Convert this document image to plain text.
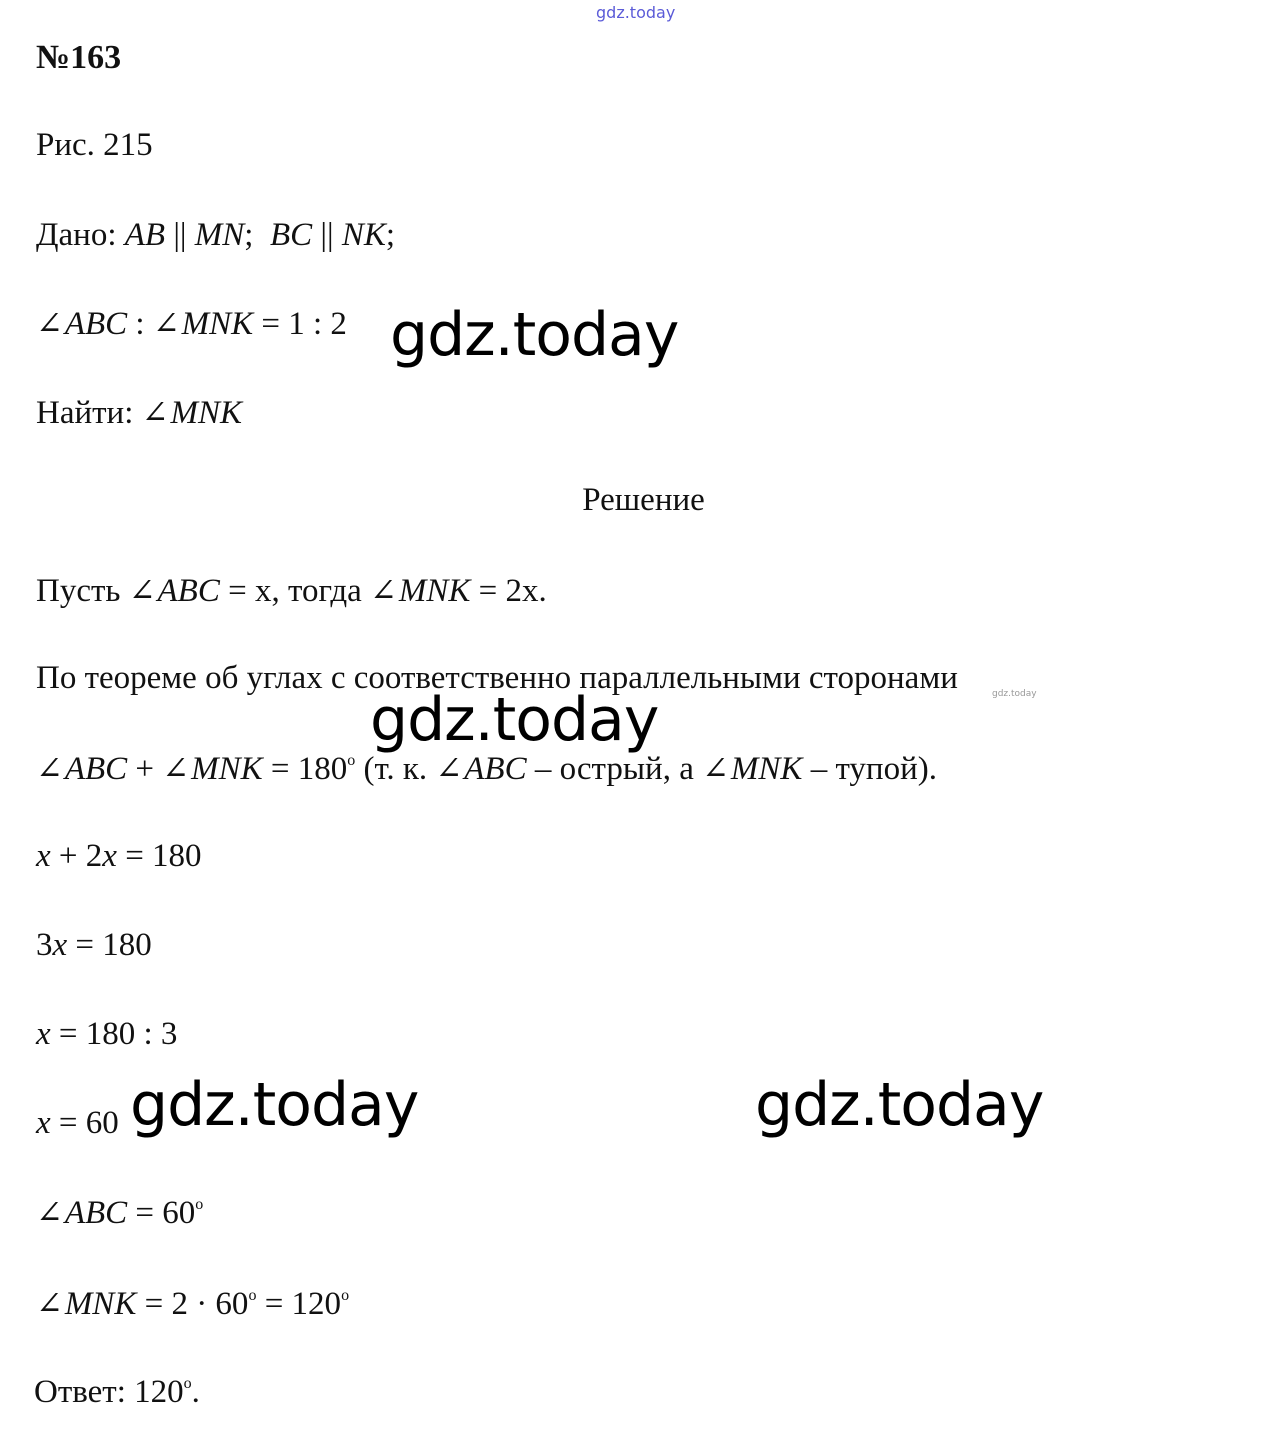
gdz.today
№163
Рис. 215
Дано: AB || MN; BC || NK;
∠ABC : ∠MNK = 1 : 2 gdz.today
Найти: ∠MNK
Решение
Пусть ∠ABC = x, тогда ∠MNK = 2x.
По теореме об углах с соответственно параллельными сторонами	gdz.today
gdz.today
∠ABC + ∠MNK = $180^o$ (т. к. ∠ABC – острый, а ∠MNK – тупой).
x + 2x = 180
3x = 180
x = 180 : 3
x = 60 gdz.today	gdz.today
∠ABC = $60^o$
∠MNK = $2 \cdot 60^o = 120^o$
Ответ: 120$^o$.
